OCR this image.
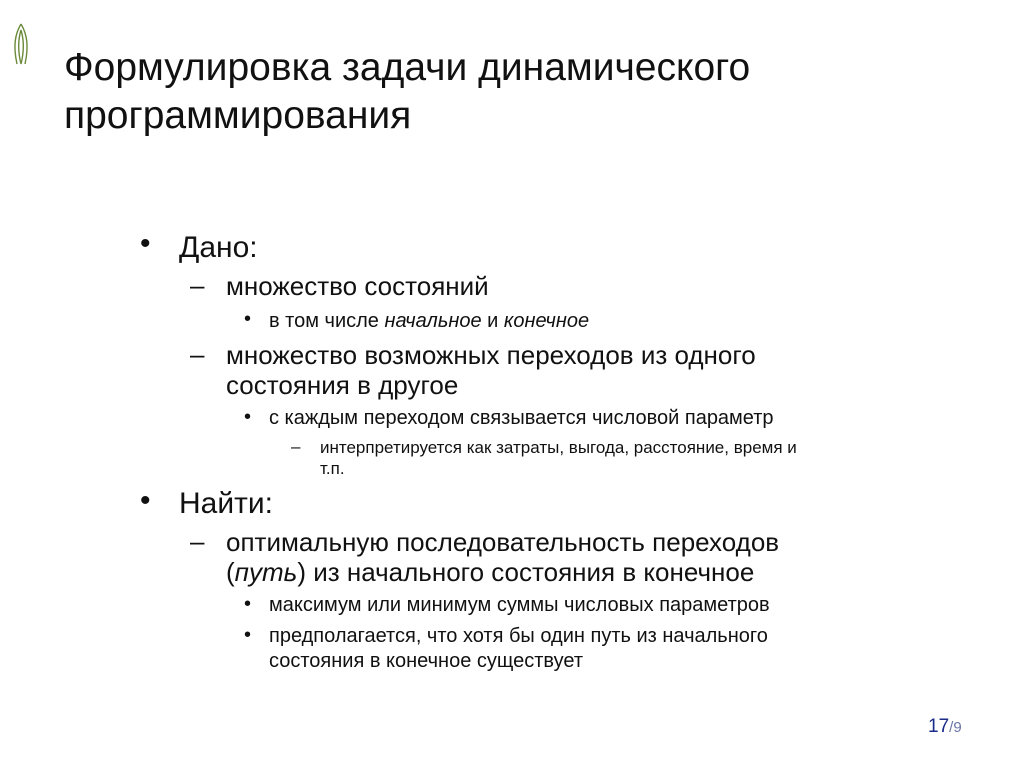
Формулировка задачи динамического
программирования
• Дано:
– множество состояний
• в том числе начальное и конечное
– множество возможных переходов из одного
состояния в другое
• с каждым переходом связывается числовой параметр
– интерпретируется как затраты, выгода, расстояние, время и
т.п.
• Найти:
– оптимальную последовательность переходов
(путь) из начального состояния в конечное
• максимум или минимум суммы числовых параметров
• предполагается, что хотя бы один путь из начального
состояния в конечное существует
17/9
